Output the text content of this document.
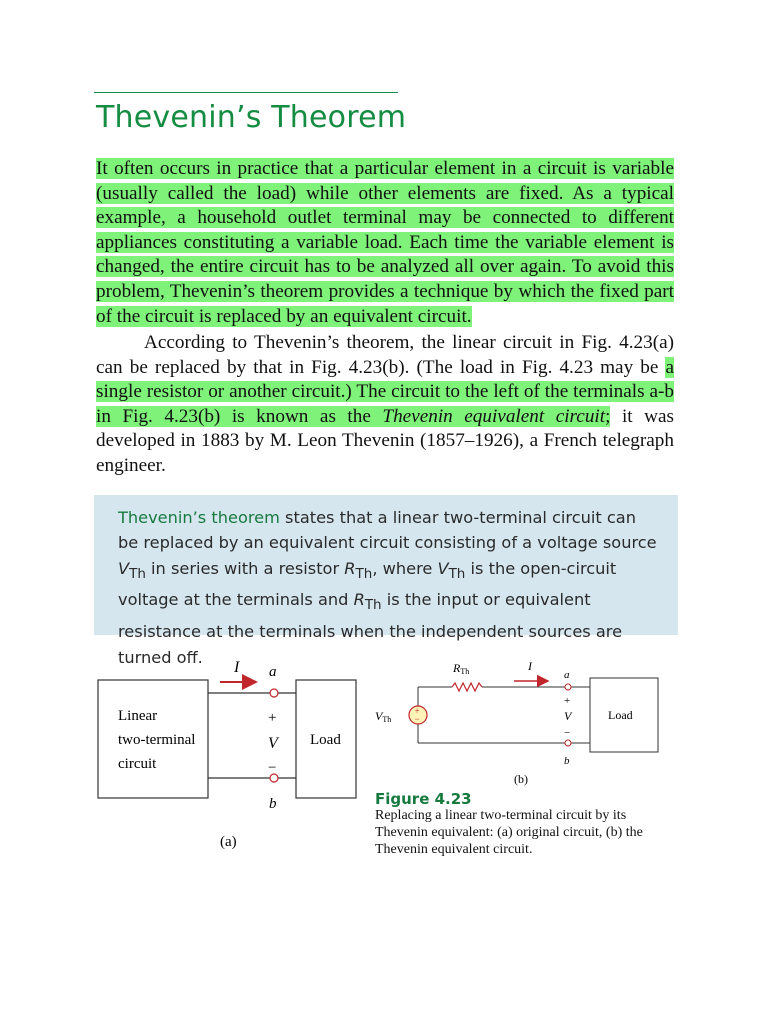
Thevenin’s Theorem

It often occurs in practice that a particular element in a circuit is variable (usually called the load) while other elements are fixed. As a typical example, a household outlet terminal may be connected to different appliances constituting a variable load. Each time the variable element is changed, the entire circuit has to be analyzed all over again. To avoid this problem, Thevenin’s theorem provides a technique by which the fixed part of the circuit is replaced by an equivalent circuit.

According to Thevenin’s theorem, the linear circuit in Fig. 4.23(a) can be replaced by that in Fig. 4.23(b). (The load in Fig. 4.23 may be a single resistor or another circuit.) The circuit to the left of the terminals a-b in Fig. 4.23(b) is known as the Thevenin equivalent circuit; it was developed in 1883 by M. Leon Thevenin (1857–1926), a French telegraph engineer.

Thevenin’s theorem states that a linear two-terminal circuit can be replaced by an equivalent circuit consisting of a voltage source $V_{Th}$ in series with a resistor $R_{Th}$, where $V_{Th}$ is the open-circuit voltage at the terminals and $R_{Th}$ is the input or equivalent resistance at the terminals when the independent sources are turned off.

Linear
two-terminal
circuit
I a
+
V
−
b
Load
(a)
+
−
VTh
RTh	I
a
+
V
−
b
Load
(b)

Figure 4.23

Replacing a linear two-terminal circuit by its Thevenin equivalent: (a) original circuit, (b) the Thevenin equivalent circuit.
